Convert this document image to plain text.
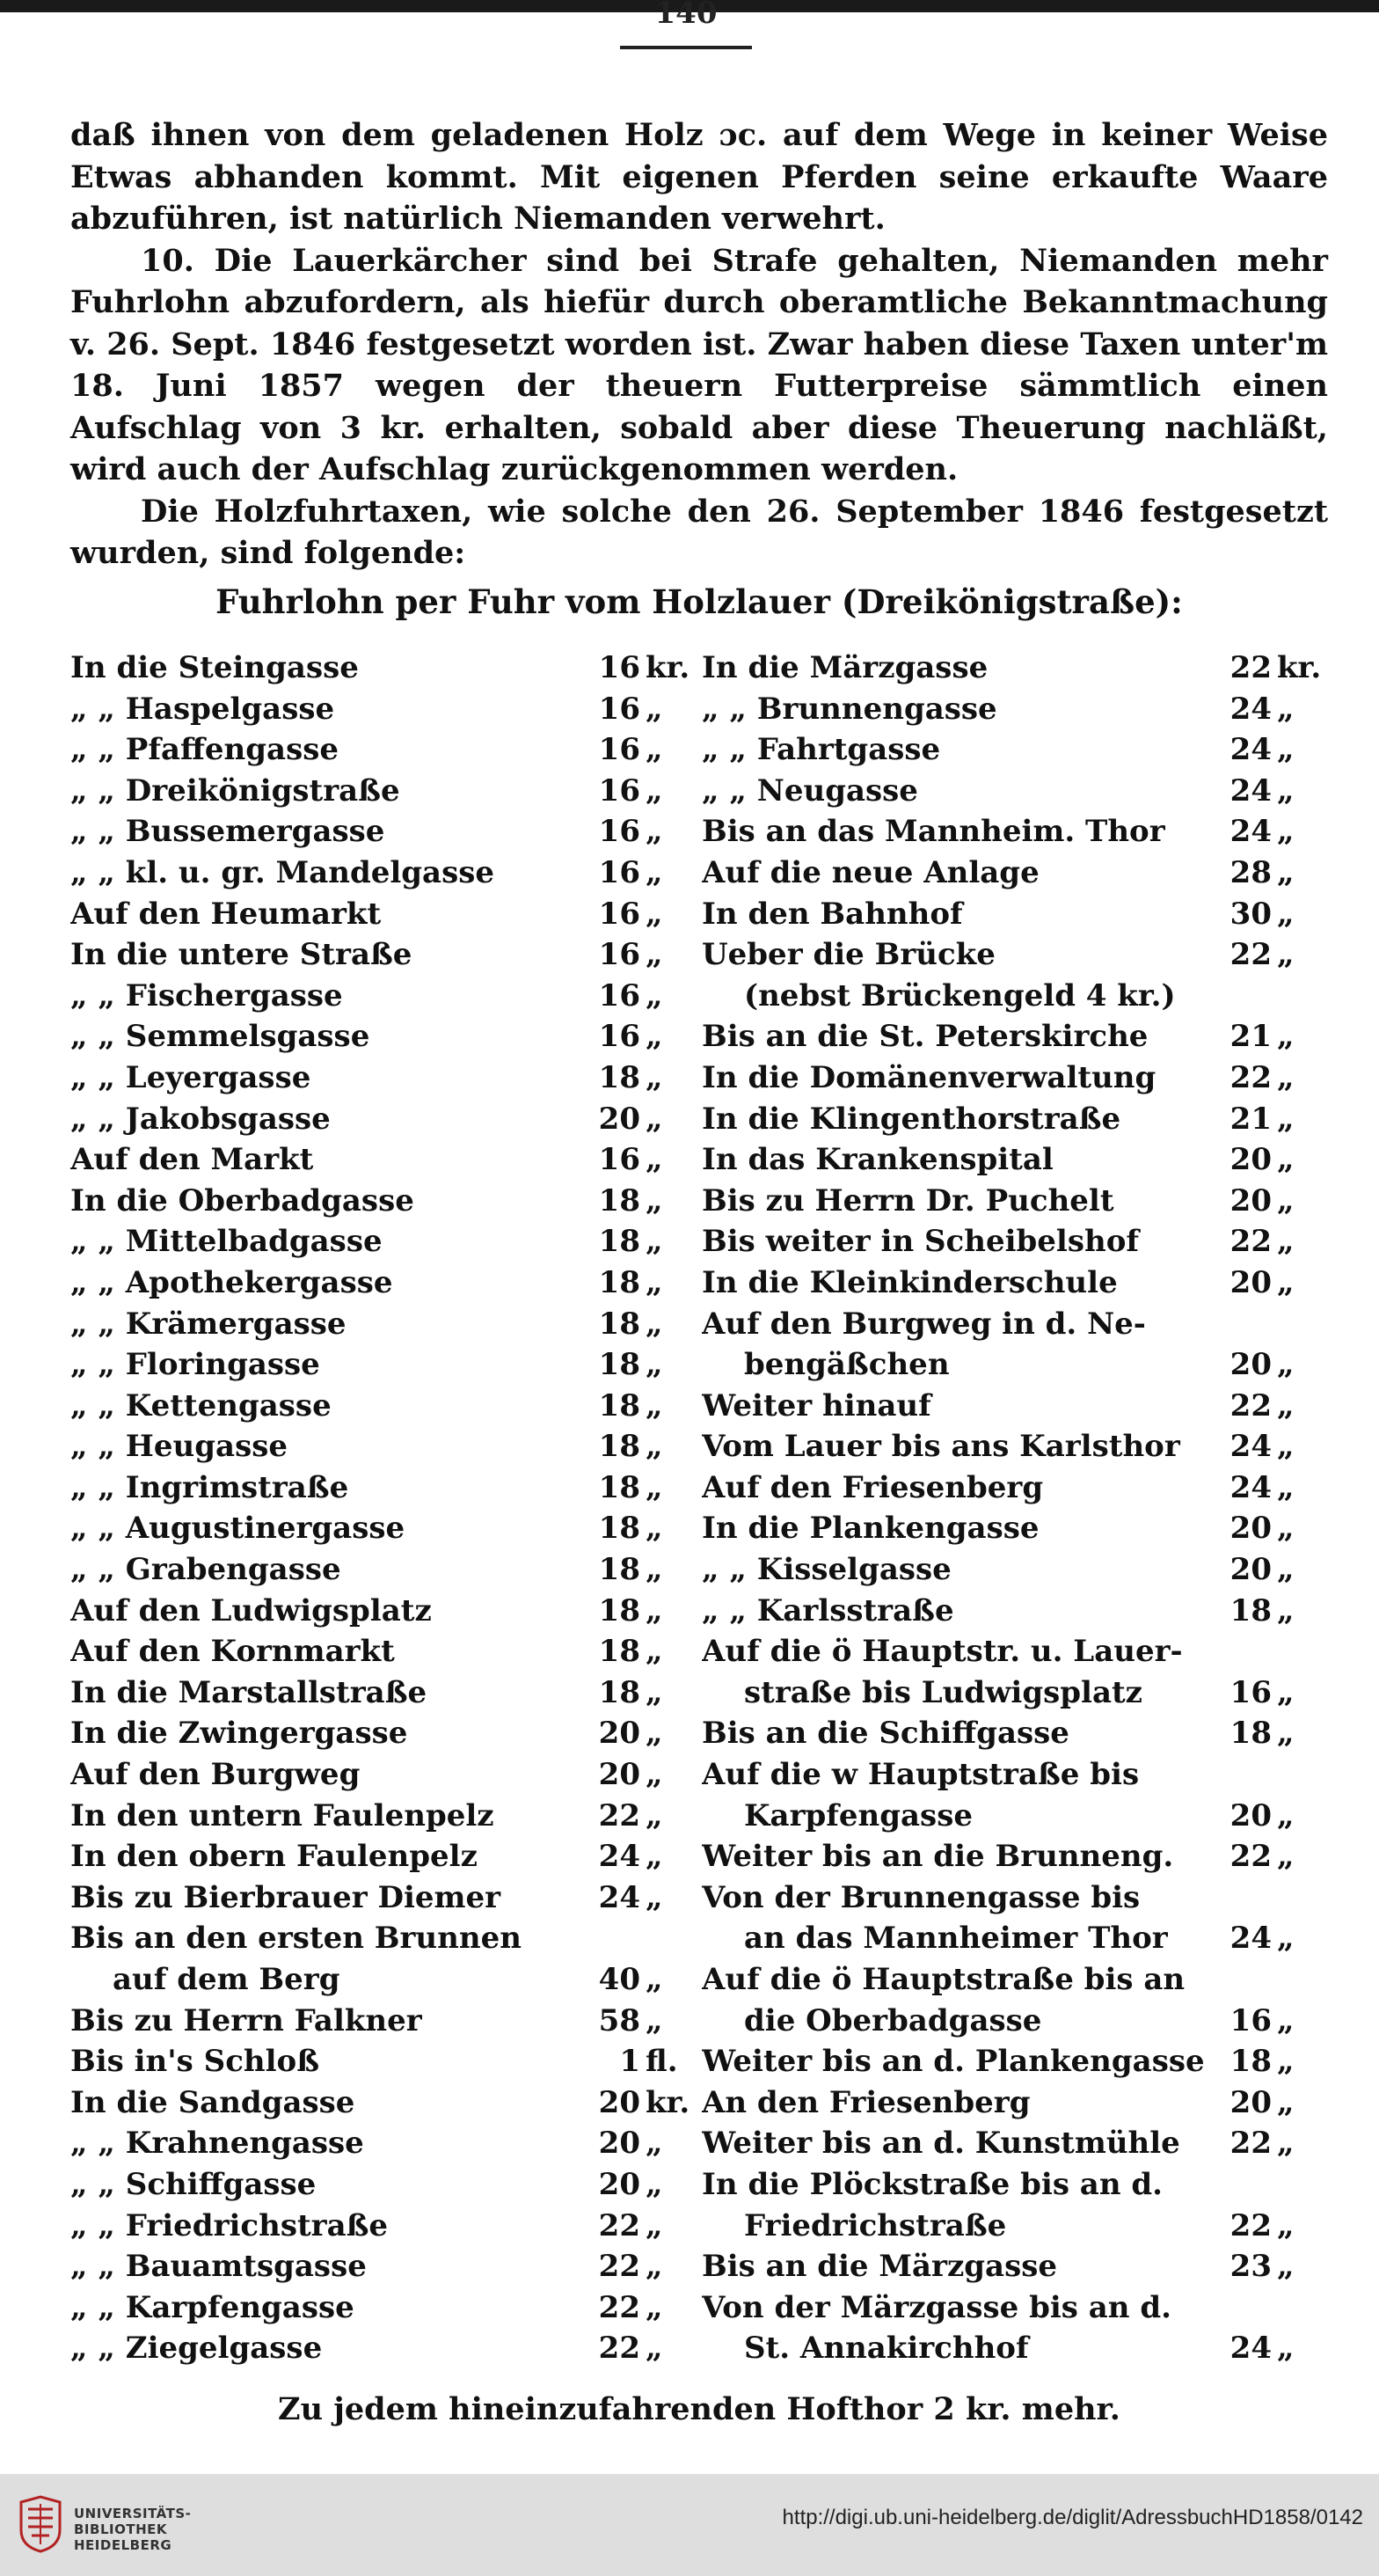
140

daß ihnen von dem geladenen Holz ɔc. auf dem Wege in keiner Weise Etwas abhanden kommt. Mit eigenen Pferden seine erkaufte Waare abzuführen, ist natürlich Niemanden verwehrt.

10. Die Lauerkärcher sind bei Strafe gehalten, Niemanden mehr Fuhrlohn abzufordern, als hiefür durch oberamtliche Bekanntmachung v. 26. Sept. 1846 festgesetzt worden ist. Zwar haben diese Taxen unter'm 18. Juni 1857 wegen der theuern Futterpreise sämmtlich einen Aufschlag von 3 kr. erhalten, sobald aber diese Theuerung nachläßt, wird auch der Aufschlag zurückgenommen werden.

Die Holzfuhrtaxen, wie solche den 26. September 1846 festgesetzt wurden, sind folgende:

Fuhrlohn per Fuhr vom Holzlauer (Dreikönigstraße):
In die Steingasse	16 kr.
„ „ Haspelgasse	16 „
„ „ Pfaffengasse	16 „
„ „ Dreikönigstraße	16 „
„ „ Bussemergasse	16 „
„ „ kl. u. gr. Mandelgasse	16 „
Auf den Heumarkt	16 „
In die untere Straße	16 „
„ „ Fischergasse	16 „
„ „ Semmelsgasse	16 „
„ „ Leyergasse	18 „
„ „ Jakobsgasse	20 „
Auf den Markt	16 „
In die Oberbadgasse	18 „
„ „ Mittelbadgasse	18 „
„ „ Apothekergasse	18 „
„ „ Krämergasse	18 „
„ „ Floringasse	18 „
„ „ Kettengasse	18 „
„ „ Heugasse	18 „
„ „ Ingrimstraße	18 „
„ „ Augustinergasse	18 „
„ „ Grabengasse	18 „
Auf den Ludwigsplatz	18 „
Auf den Kornmarkt	18 „
In die Marstallstraße	18 „
In die Zwingergasse	20 „
Auf den Burgweg	20 „
In den untern Faulenpelz	22 „
In den obern Faulenpelz	24 „
Bis zu Bierbrauer Diemer	24 „
Bis an den ersten Brunnen
auf dem Berg	40 „
Bis zu Herrn Falkner	58 „
Bis in's Schloß	1 fl.
In die Sandgasse	20 kr.
„ „ Krahnengasse	20 „
„ „ Schiffgasse	20 „
„ „ Friedrichstraße	22 „
„ „ Bauamtsgasse	22 „
„ „ Karpfengasse	22 „
„ „ Ziegelgasse	22 „
In die Märzgasse	22 kr.
„ „ Brunnengasse	24 „
„ „ Fahrtgasse	24 „
„ „ Neugasse	24 „
Bis an das Mannheim. Thor	24 „
Auf die neue Anlage	28 „
In den Bahnhof	30 „
Ueber die Brücke	22 „
(nebst Brückengeld 4 kr.)
Bis an die St. Peterskirche	21 „
In die Domänenverwaltung	22 „
In die Klingenthorstraße	21 „
In das Krankenspital	20 „
Bis zu Herrn Dr. Puchelt	20 „
Bis weiter in Scheibelshof	22 „
In die Kleinkinderschule	20 „
Auf den Burgweg in d. Ne-
bengäßchen	20 „
Weiter hinauf	22 „
Vom Lauer bis ans Karlsthor	24 „
Auf den Friesenberg	24 „
In die Plankengasse	20 „
„ „ Kisselgasse	20 „
„ „ Karlsstraße	18 „
Auf die ö Hauptstr. u. Lauer-
straße bis Ludwigsplatz	16 „
Bis an die Schiffgasse	18 „
Auf die w Hauptstraße bis
Karpfengasse	20 „
Weiter bis an die Brunneng.	22 „
Von der Brunnengasse bis
an das Mannheimer Thor	24 „
Auf die ö Hauptstraße bis an
die Oberbadgasse	16 „
Weiter bis an d. Plankengasse 18 „
An den Friesenberg	20 „
Weiter bis an d. Kunstmühle	22 „
In die Plöckstraße bis an d.
Friedrichstraße	22 „
Bis an die Märzgasse	23 „
Von der Märzgasse bis an d.
St. Annakirchhof	24 „
Zu jedem hineinzufahrenden Hofthor 2 kr. mehr.
UNIVERSITÄTS-
BIBLIOTHEK
HEIDELBERG
http://digi.ub.uni-heidelberg.de/diglit/AdressbuchHD1858/0142
